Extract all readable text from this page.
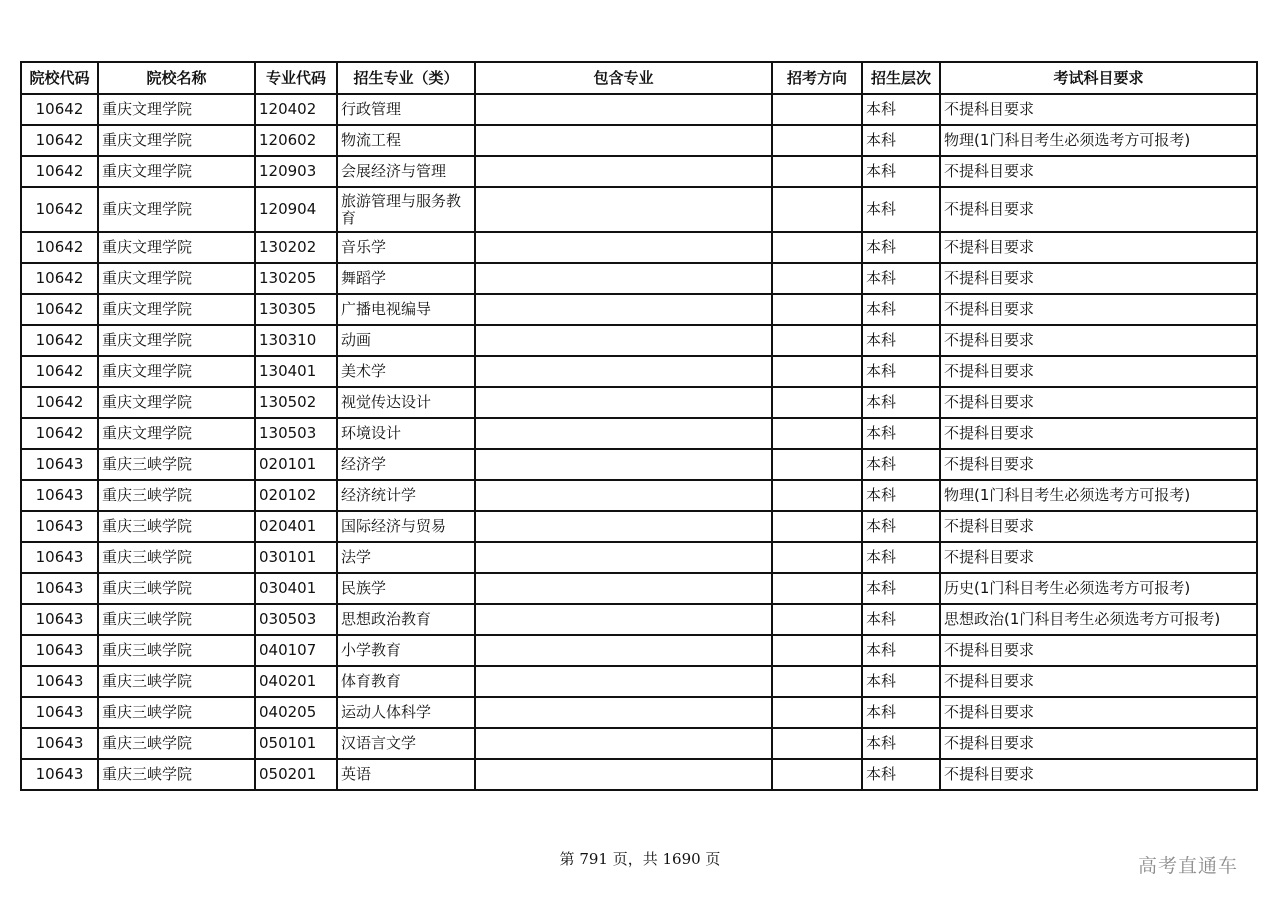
院校代码	院校名称	专业代码	招生专业（类）	包含专业	招考方向	招生层次	考试科目要求
10642	重庆文理学院	120402	行政管理			本科	不提科目要求
10642	重庆文理学院	120602	物流工程			本科	物理(1门科目考生必须选考方可报考)
10642	重庆文理学院	120903	会展经济与管理			本科	不提科目要求
10642	重庆文理学院	120904	旅游管理与服务教育			本科	不提科目要求
10642	重庆文理学院	130202	音乐学			本科	不提科目要求
10642	重庆文理学院	130205	舞蹈学			本科	不提科目要求
10642	重庆文理学院	130305	广播电视编导			本科	不提科目要求
10642	重庆文理学院	130310	动画			本科	不提科目要求
10642	重庆文理学院	130401	美术学			本科	不提科目要求
10642	重庆文理学院	130502	视觉传达设计			本科	不提科目要求
10642	重庆文理学院	130503	环境设计			本科	不提科目要求
10643	重庆三峡学院	020101	经济学			本科	不提科目要求
10643	重庆三峡学院	020102	经济统计学			本科	物理(1门科目考生必须选考方可报考)
10643	重庆三峡学院	020401	国际经济与贸易			本科	不提科目要求
10643	重庆三峡学院	030101	法学			本科	不提科目要求
10643	重庆三峡学院	030401	民族学			本科	历史(1门科目考生必须选考方可报考)
10643	重庆三峡学院	030503	思想政治教育			本科	思想政治(1门科目考生必须选考方可报考)
10643	重庆三峡学院	040107	小学教育			本科	不提科目要求
10643	重庆三峡学院	040201	体育教育			本科	不提科目要求
10643	重庆三峡学院	040205	运动人体科学			本科	不提科目要求
10643	重庆三峡学院	050101	汉语言文学			本科	不提科目要求
10643	重庆三峡学院	050201	英语			本科	不提科目要求
第 791 页，共 1690 页	高考直通车
